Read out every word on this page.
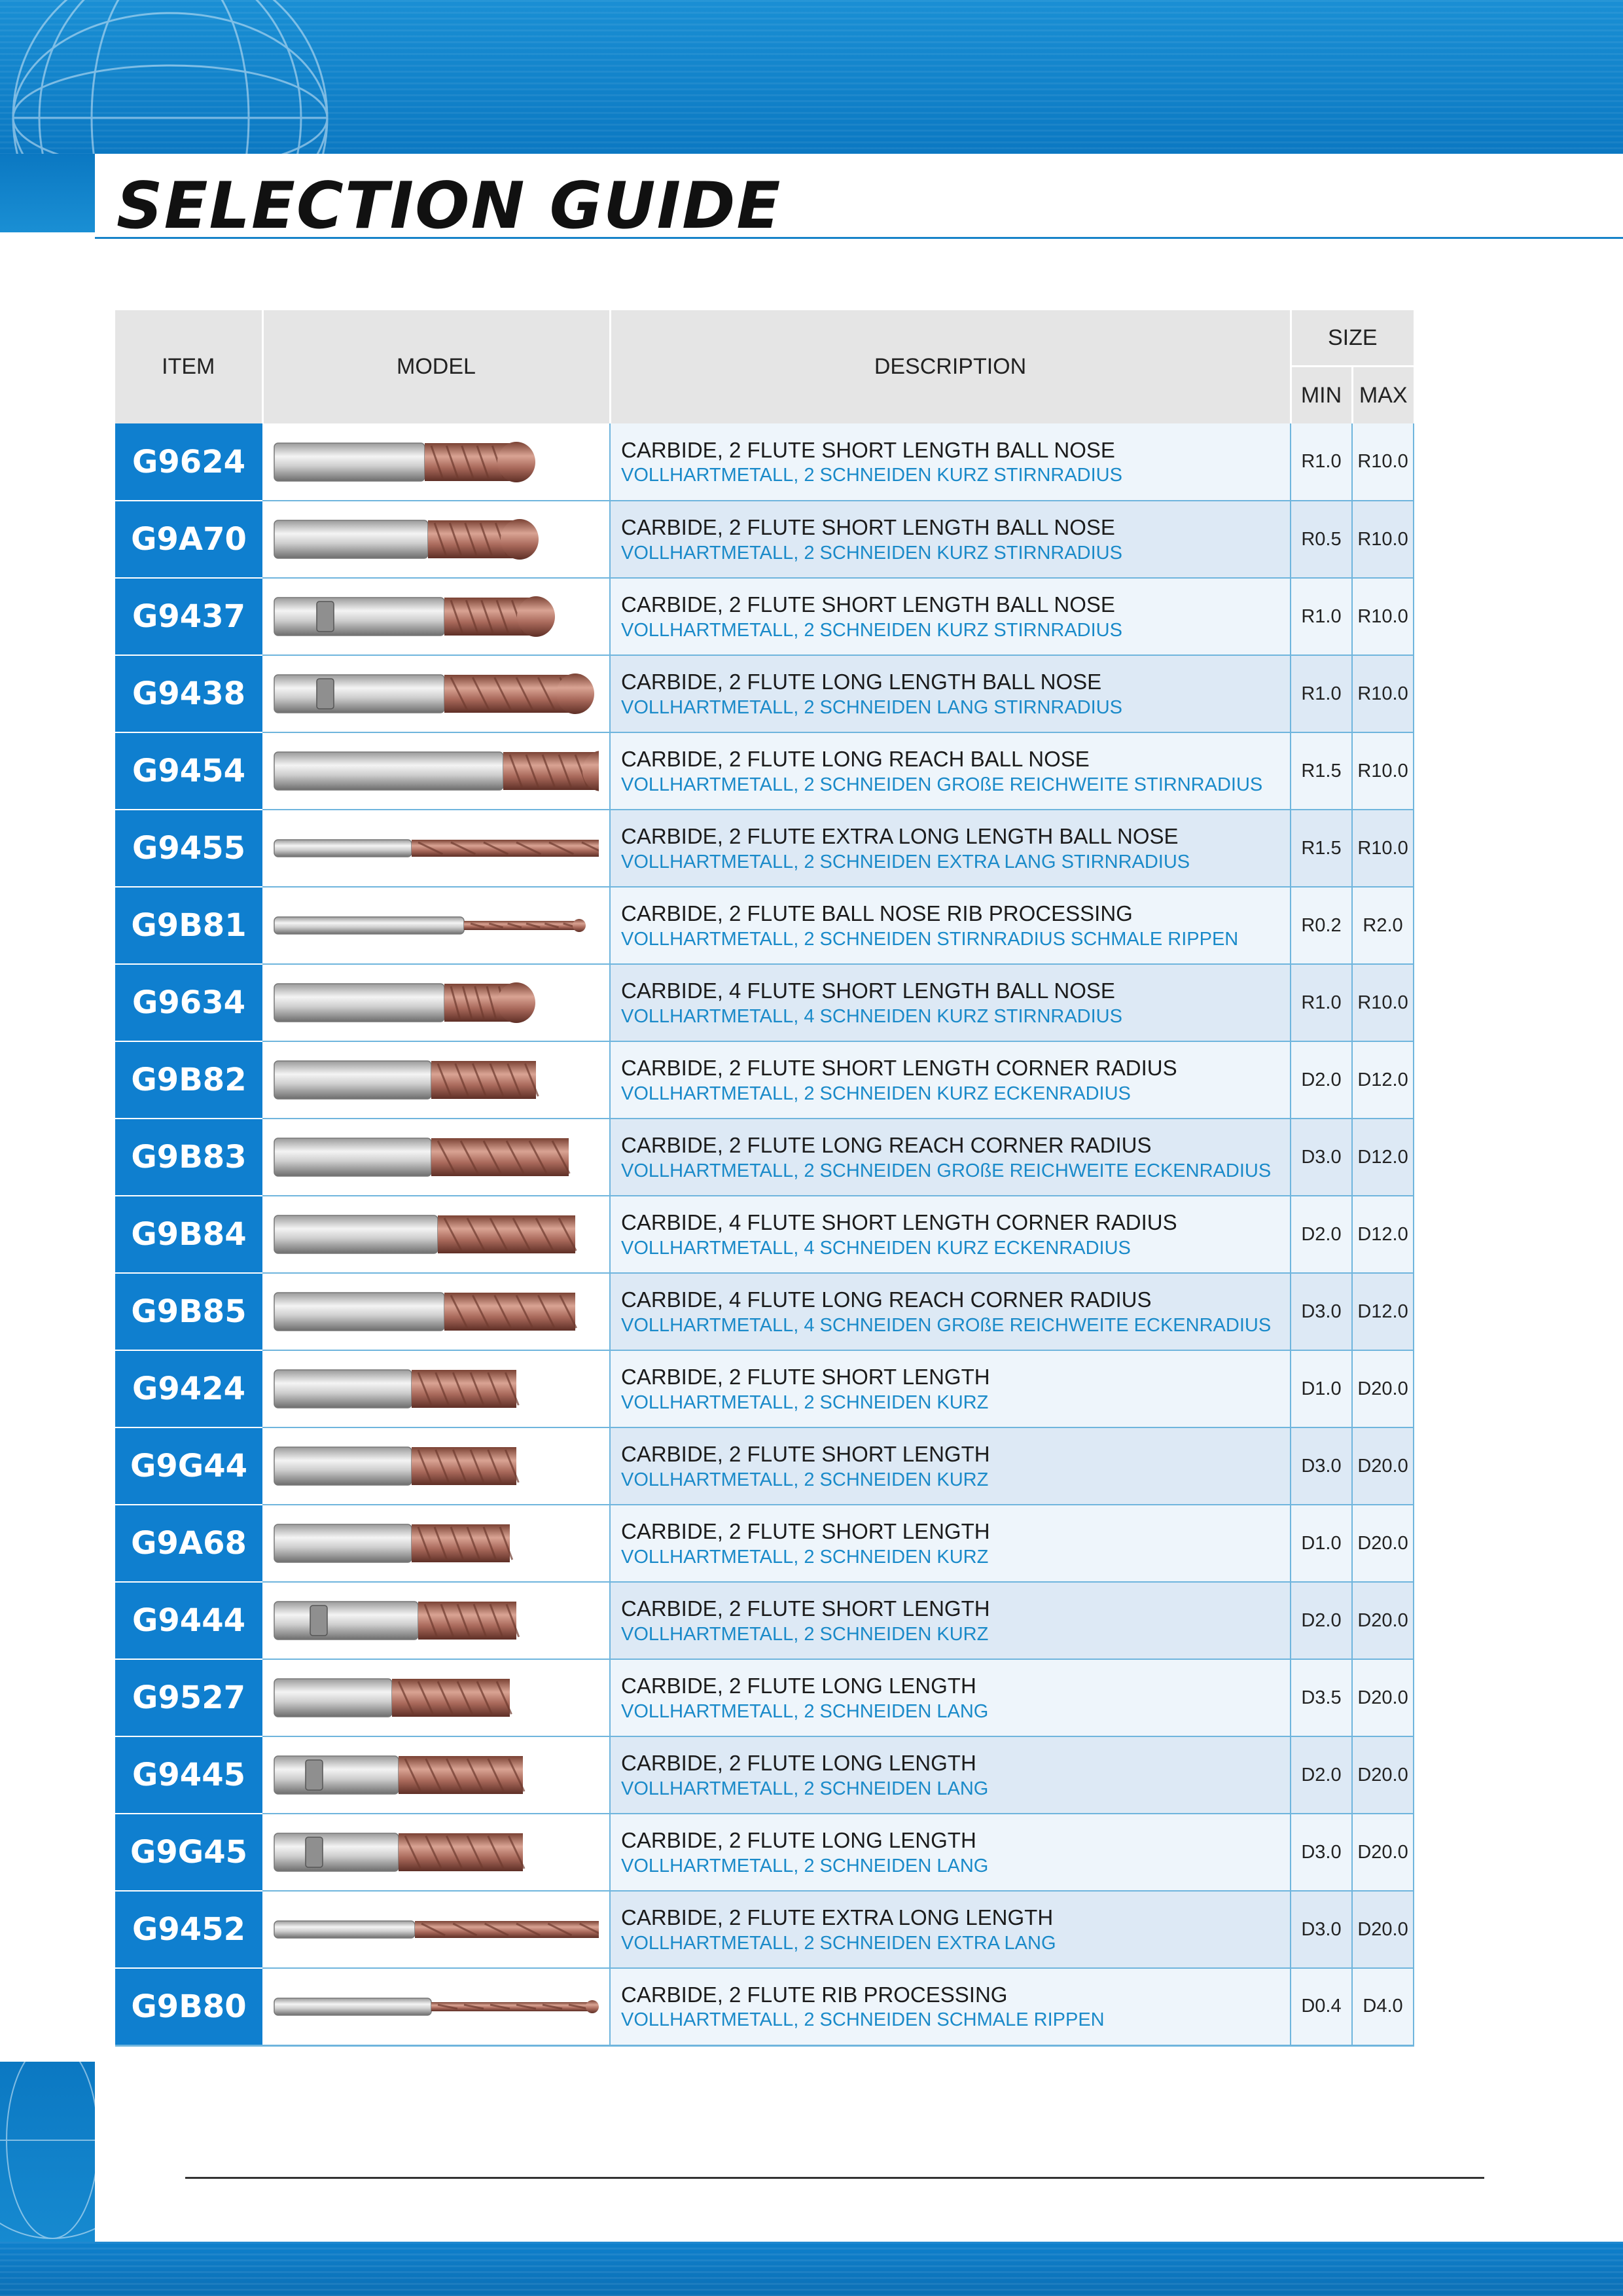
SELECTION GUIDE
ITEM	MODEL	DESCRIPTION	SIZE	
			MIN	MAX
G9624		CARBIDE, 2 FLUTE SHORT LENGTH BALL NOSE
VOLLHARTMETALL, 2 SCHNEIDEN KURZ STIRNRADIUS	R1.0	R10.0
G9A70		CARBIDE, 2 FLUTE SHORT LENGTH BALL NOSE
VOLLHARTMETALL, 2 SCHNEIDEN KURZ STIRNRADIUS	R0.5	R10.0
G9437		CARBIDE, 2 FLUTE SHORT LENGTH BALL NOSE
VOLLHARTMETALL, 2 SCHNEIDEN KURZ STIRNRADIUS	R1.0	R10.0
G9438		CARBIDE, 2 FLUTE LONG LENGTH BALL NOSE
VOLLHARTMETALL, 2 SCHNEIDEN LANG STIRNRADIUS	R1.0	R10.0
G9454		CARBIDE, 2 FLUTE LONG REACH BALL NOSE
VOLLHARTMETALL, 2 SCHNEIDEN GROßE REICHWEITE STIRNRADIUS	R1.5	R10.0
G9455		CARBIDE, 2 FLUTE EXTRA LONG LENGTH BALL NOSE
VOLLHARTMETALL, 2 SCHNEIDEN EXTRA LANG STIRNRADIUS	R1.5	R10.0
G9B81		CARBIDE, 2 FLUTE BALL NOSE RIB PROCESSING
VOLLHARTMETALL, 2 SCHNEIDEN STIRNRADIUS SCHMALE RIPPEN	R0.2	R2.0
G9634		CARBIDE, 4 FLUTE SHORT LENGTH BALL NOSE
VOLLHARTMETALL, 4 SCHNEIDEN KURZ STIRNRADIUS	R1.0	R10.0
G9B82		CARBIDE, 2 FLUTE SHORT LENGTH CORNER RADIUS
VOLLHARTMETALL, 2 SCHNEIDEN KURZ ECKENRADIUS	D2.0	D12.0
G9B83		CARBIDE, 2 FLUTE LONG REACH CORNER RADIUS
VOLLHARTMETALL, 2 SCHNEIDEN GROßE REICHWEITE ECKENRADIUS	D3.0	D12.0
G9B84		CARBIDE, 4 FLUTE SHORT LENGTH CORNER RADIUS
VOLLHARTMETALL, 4 SCHNEIDEN KURZ ECKENRADIUS	D2.0	D12.0
G9B85		CARBIDE, 4 FLUTE LONG REACH CORNER RADIUS
VOLLHARTMETALL, 4 SCHNEIDEN GROßE REICHWEITE ECKENRADIUS	D3.0	D12.0
G9424		CARBIDE, 2 FLUTE SHORT LENGTH
VOLLHARTMETALL, 2 SCHNEIDEN KURZ	D1.0	D20.0
G9G44		CARBIDE, 2 FLUTE SHORT LENGTH
VOLLHARTMETALL, 2 SCHNEIDEN KURZ	D3.0	D20.0
G9A68		CARBIDE, 2 FLUTE SHORT LENGTH
VOLLHARTMETALL, 2 SCHNEIDEN KURZ	D1.0	D20.0
G9444		CARBIDE, 2 FLUTE SHORT LENGTH
VOLLHARTMETALL, 2 SCHNEIDEN KURZ	D2.0	D20.0
G9527		CARBIDE, 2 FLUTE LONG LENGTH
VOLLHARTMETALL, 2 SCHNEIDEN LANG	D3.5	D20.0
G9445		CARBIDE, 2 FLUTE LONG LENGTH
VOLLHARTMETALL, 2 SCHNEIDEN LANG	D2.0	D20.0
G9G45		CARBIDE, 2 FLUTE LONG LENGTH
VOLLHARTMETALL, 2 SCHNEIDEN LANG	D3.0	D20.0
G9452		CARBIDE, 2 FLUTE EXTRA LONG LENGTH
VOLLHARTMETALL, 2 SCHNEIDEN EXTRA LANG	D3.0	D20.0
G9B80		CARBIDE, 2 FLUTE RIB PROCESSING
VOLLHARTMETALL, 2 SCHNEIDEN SCHMALE RIPPEN	D0.4	D4.0
